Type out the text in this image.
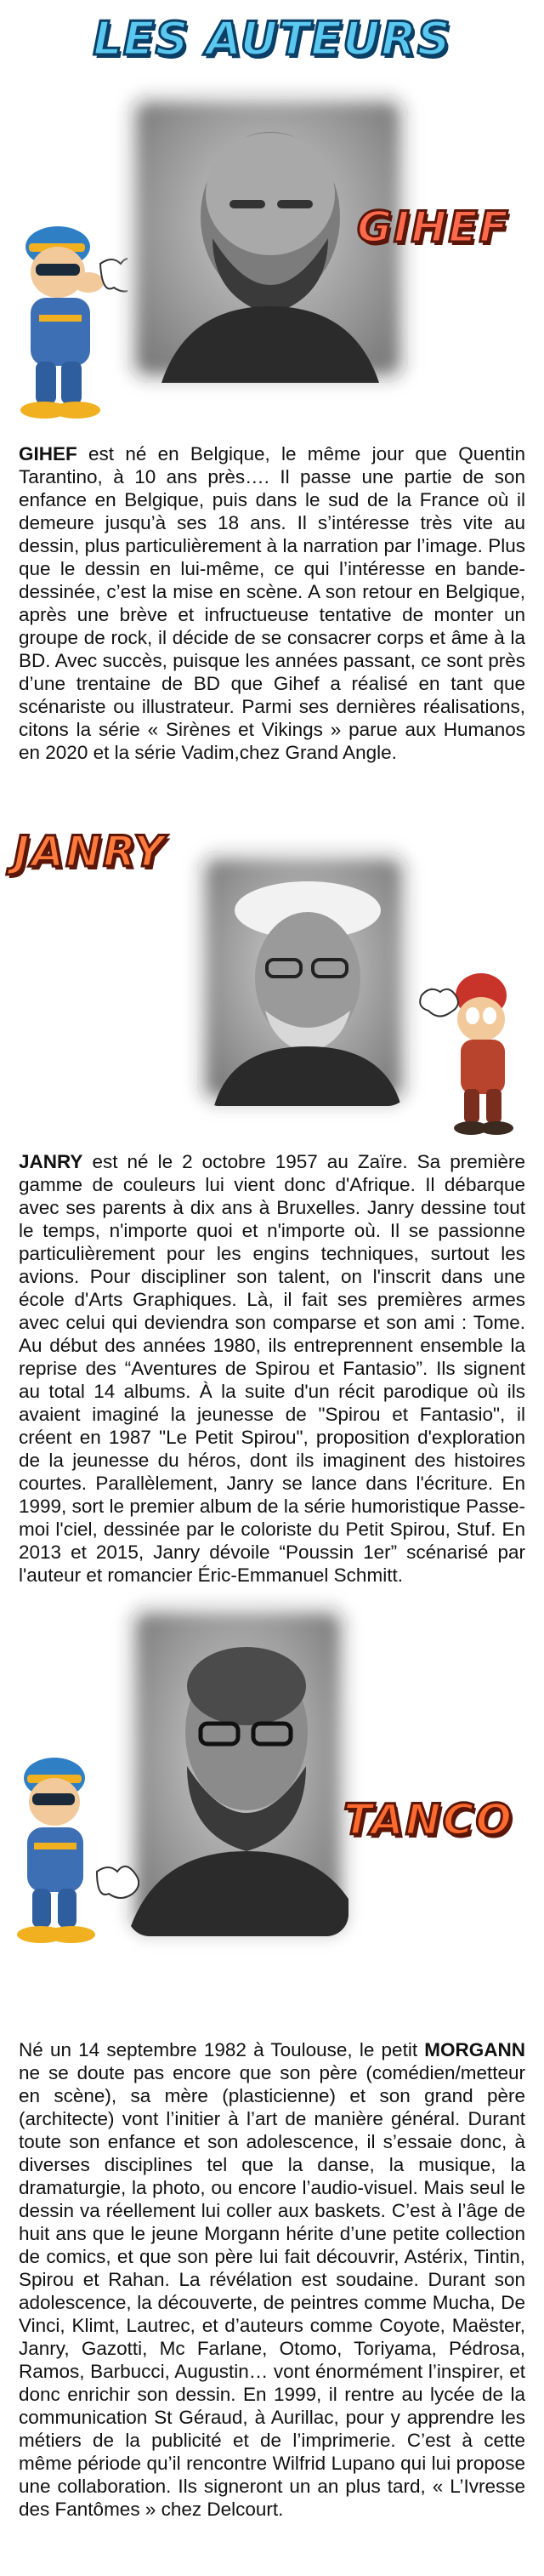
LES AUTEURS
GIHEF
GIHEF est né en Belgique, le même jour que Quentin Tarantino, à 10 ans près…. Il passe une partie de son enfance en Belgique, puis dans le sud de la France où il demeure jusqu’à ses 18 ans. Il s’intéresse très vite au dessin, plus particulièrement à la narration par l’image. Plus que le dessin en lui-même, ce qui l’intéresse en bande-dessinée, c’est la mise en scène. A son retour en Belgique, après une brève et infructueuse tentative de monter un groupe de rock, il décide de se consacrer corps et âme à la BD. Avec succès, puisque les années passant, ce sont près d’une trentaine de BD que Gihef a réalisé en tant que scénariste ou illustrateur. Parmi ses dernières réalisations, citons la série « Sirènes et Vikings » parue aux Humanos en 2020 et la série Vadim,chez Grand Angle.
JANRY
JANRY est né le 2 octobre 1957 au Zaïre. Sa première gamme de couleurs lui vient donc d'Afrique. Il débarque avec ses parents à dix ans à Bruxelles. Janry dessine tout le temps, n'importe quoi et n'importe où. Il se passionne particulièrement pour les engins techniques, surtout les avions. Pour discipliner son talent, on l'inscrit dans une école d'Arts Graphiques. Là, il fait ses premières armes avec celui qui deviendra son comparse et son ami : Tome. Au début des années 1980, ils entreprennent ensemble la reprise des “Aventures de Spirou et Fantasio”. Ils signent au total 14 albums. À la suite d'un récit parodique où ils avaient imaginé la jeunesse de "Spirou et Fantasio", il créent en 1987 "Le Petit Spirou", proposition d'exploration de la jeunesse du héros, dont ils imaginent des histoires courtes. Parallèlement, Janry se lance dans l'écriture. En 1999, sort le premier album de la série humoristique Passe-moi l'ciel, dessinée par le coloriste du Petit Spirou, Stuf. En 2013 et 2015, Janry dévoile “Poussin 1er” scénarisé par l'auteur et romancier Éric-Emmanuel Schmitt.
TANCO
Né un 14 septembre 1982 à Toulouse, le petit MORGANN ne se doute pas encore que son père (comédien/metteur en scène), sa mère (plasticienne) et son grand père (architecte) vont l’initier à l’art de manière général. Durant toute son enfance et son adolescence, il s’essaie donc, à diverses disciplines tel que la danse, la musique, la dramaturgie, la photo, ou encore l’audio-visuel. Mais seul le dessin va réellement lui coller aux baskets. C’est à l’âge de huit ans que le jeune Morgann hérite d’une petite collection de comics, et que son père lui fait découvrir, Astérix, Tintin, Spirou et Rahan. La révélation est soudaine. Durant son adolescence, la découverte, de peintres comme Mucha, De Vinci, Klimt, Lautrec, et d’auteurs comme Coyote, Maëster, Janry, Gazotti, Mc Farlane, Otomo, Toriyama, Pédrosa, Ramos, Barbucci, Augustin… vont énormément l’inspirer, et donc enrichir son dessin. En 1999, il rentre au lycée de la communication St Géraud, à Aurillac, pour y apprendre les métiers de la publicité et de l’imprimerie. C’est à cette même période qu’il rencontre Wilfrid Lupano qui lui propose une collaboration. Ils signeront un an plus tard, « L’Ivresse des Fantômes » chez Delcourt.
